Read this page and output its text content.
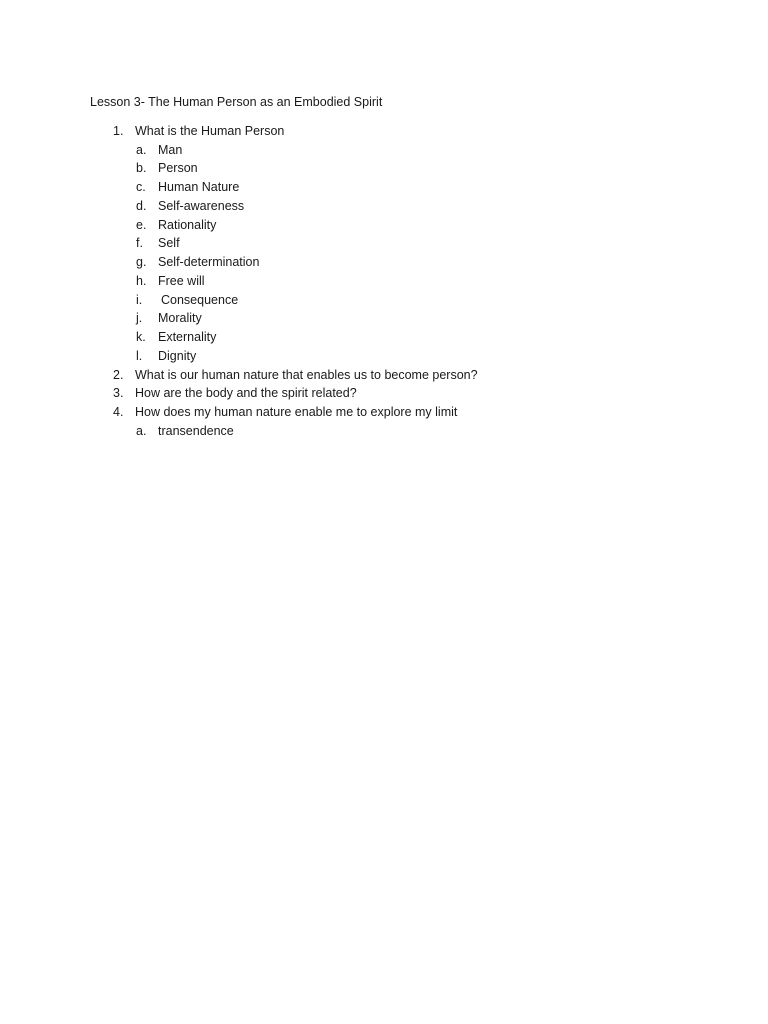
Lesson 3- The Human Person as an Embodied Spirit
1. What is the Human Person
a. Man
b. Person
c. Human Nature
d. Self-awareness
e. Rationality
f. Self
g. Self-determination
h. Free will
i. Consequence
j. Morality
k. Externality
l. Dignity
2. What is our human nature that enables us to become person?
3. How are the body and the spirit related?
4. How does my human nature enable me to explore my limit
a. transendence
